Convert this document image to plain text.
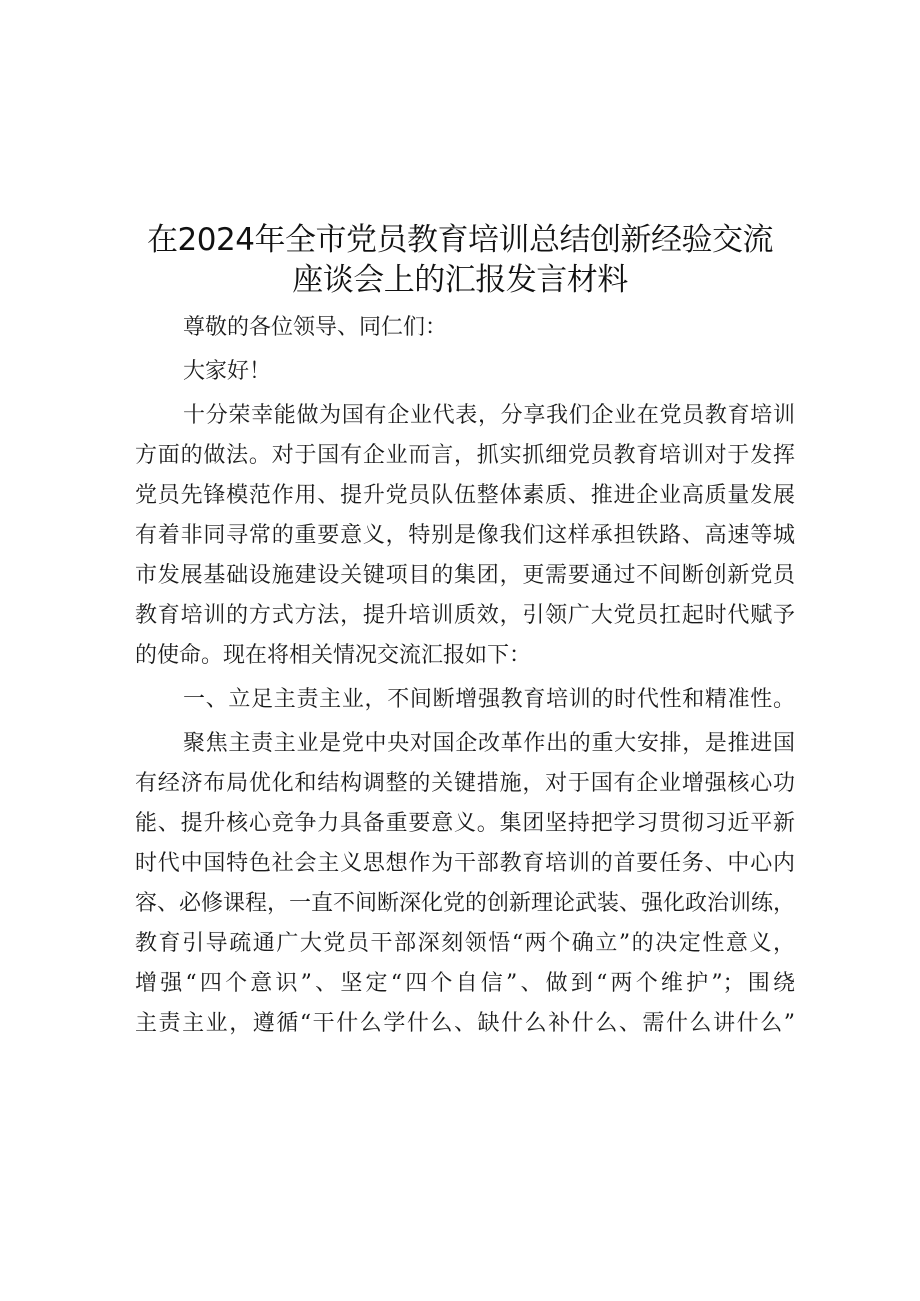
在2024年全市党员教育培训总结创新经验交流
座谈会上的汇报发言材料
尊敬的各位领导、同仁们：
大家好！
十分荣幸能做为国有企业代表，分享我们企业在党员教育培训
方面的做法。对于国有企业而言，抓实抓细党员教育培训对于发挥
党员先锋模范作用、提升党员队伍整体素质、推进企业高质量发展
有着非同寻常的重要意义，特别是像我们这样承担铁路、高速等城
市发展基础设施建设关键项目的集团，更需要通过不间断创新党员
教育培训的方式方法，提升培训质效，引领广大党员扛起时代赋予
的使命。现在将相关情况交流汇报如下：
一、立足主责主业，不间断增强教育培训的时代性和精准性。
聚焦主责主业是党中央对国企改革作出的重大安排，是推进国
有经济布局优化和结构调整的关键措施，对于国有企业增强核心功
能、提升核心竞争力具备重要意义。集团坚持把学习贯彻习近平新
时代中国特色社会主义思想作为干部教育培训的首要任务、中心内
容、必修课程，一直不间断深化党的创新理论武装、强化政治训练，
教育引导疏通广大党员干部深刻领悟“两个确立”的决定性意义，
增强“四个意识”、坚定“四个自信”、做到“两个维护”；围绕
主责主业，遵循“干什么学什么、缺什么补什么、需什么讲什么”
